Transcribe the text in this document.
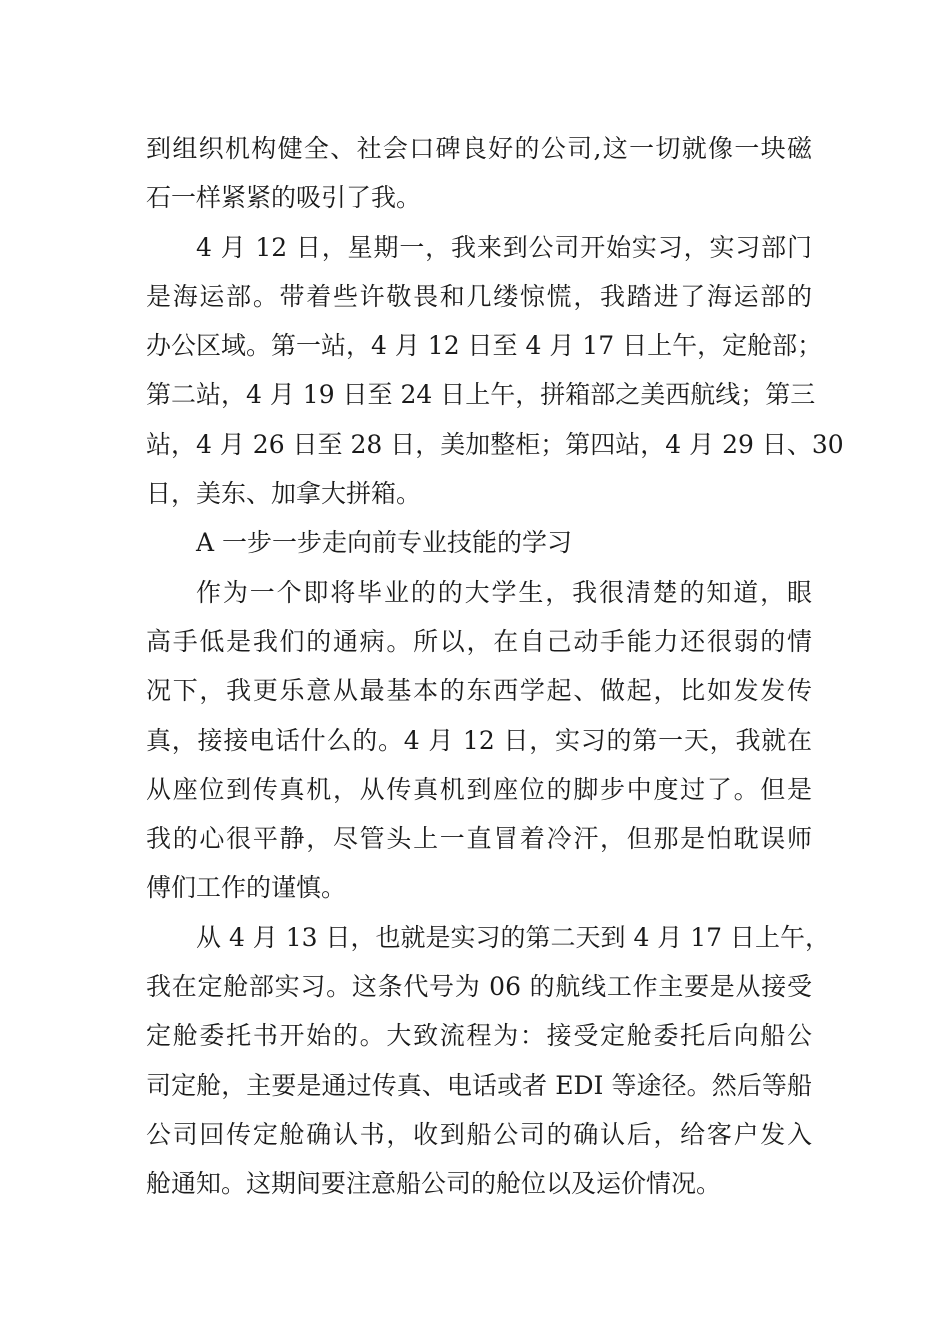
到组织机构健全、社会口碑良好的公司,这一切就像一块磁
石一样紧紧的吸引了我。
4 月 12 日，星期一，我来到公司开始实习，实习部门
是海运部。带着些许敬畏和几缕惊慌，我踏进了海运部的
办公区域。第一站，4 月 12 日至 4 月 17 日上午，定舱部；
第二站，4 月 19 日至 24 日上午，拼箱部之美西航线；第三
站，4 月 26 日至 28 日，美加整柜；第四站，4 月 29 日、30
日，美东、加拿大拼箱。
A 一步一步走向前专业技能的学习
作为一个即将毕业的的大学生，我很清楚的知道，眼
高手低是我们的通病。所以，在自己动手能力还很弱的情
况下，我更乐意从最基本的东西学起、做起，比如发发传
真，接接电话什么的。4 月 12 日，实习的第一天，我就在
从座位到传真机，从传真机到座位的脚步中度过了。但是
我的心很平静，尽管头上一直冒着冷汗，但那是怕耽误师
傅们工作的谨慎。
从 4 月 13 日，也就是实习的第二天到 4 月 17 日上午，
我在定舱部实习。这条代号为 06 的航线工作主要是从接受
定舱委托书开始的。大致流程为：接受定舱委托后向船公
司定舱，主要是通过传真、电话或者 EDI 等途径。然后等船
公司回传定舱确认书，收到船公司的确认后，给客户发入
舱通知。这期间要注意船公司的舱位以及运价情况。
